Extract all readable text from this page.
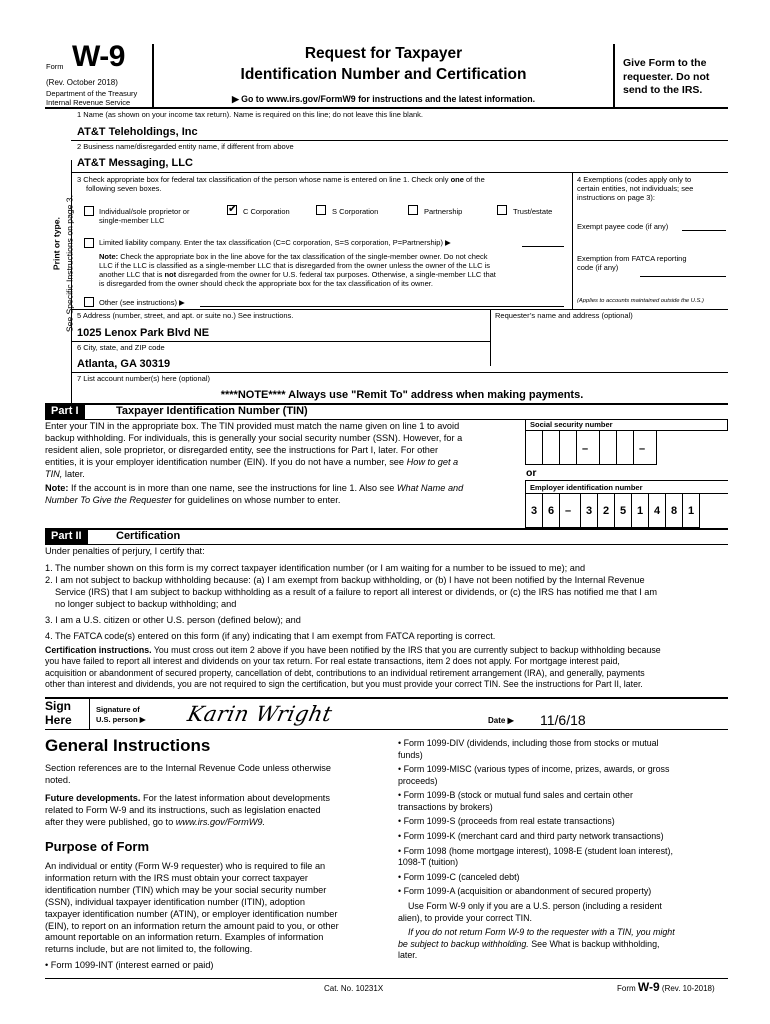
Form W-9
(Rev. October 2018)
Department of the Treasury
Internal Revenue Service
Request for Taxpayer
Identification Number and Certification
▶ Go to www.irs.gov/FormW9 for instructions and the latest information.
Give Form to the
requester. Do not
send to the IRS.
Print or type. See Specific Instructions on page 3.
1 Name (as shown on your income tax return). Name is required on this line; do not leave this line blank.
AT&T Teleholdings, Inc
2 Business name/disregarded entity name, if different from above
AT&T Messaging, LLC
3 Check appropriate box for federal tax classification of the person whose name is entered on line 1. Check only one of the
following seven boxes.
Individual/sole proprietor or
single-member LLC
✔ C Corporation	S Corporation	Partnership	Trust/estate
Limited liability company. Enter the tax classification (C=C corporation, S=S corporation, P=Partnership) ▶
Note: Check the appropriate box in the line above for the tax classification of the single-member owner. Do not check
LLC if the LLC is classified as a single-member LLC that is disregarded from the owner unless the owner of the LLC is
another LLC that is not disregarded from the owner for U.S. federal tax purposes. Otherwise, a single-member LLC that
is disregarded from the owner should check the appropriate box for the tax classification of its owner.
Other (see instructions) ▶
4 Exemptions (codes apply only to
certain entities, not individuals; see
instructions on page 3):
Exempt payee code (if any)
Exemption from FATCA reporting
code (if any)
(Applies to accounts maintained outside the U.S.)
5 Address (number, street, and apt. or suite no.) See instructions.	Requester’s name and address (optional)
1025 Lenox Park Blvd NE
6 City, state, and ZIP code
Atlanta, GA 30319
7 List account number(s) here (optional)
****NOTE**** Always use "Remit To" address when making payments.
Part I	Taxpayer Identification Number (TIN)
Enter your TIN in the appropriate box. The TIN provided must match the name given on line 1 to avoid
backup withholding. For individuals, this is generally your social security number (SSN). However, for a
resident alien, sole proprietor, or disregarded entity, see the instructions for Part I, later. For other
entities, it is your employer identification number (EIN). If you do not have a number, see How to get a
TIN, later.
Note: If the account is in more than one name, see the instructions for line 1. Also see What Name and
Number To Give the Requester for guidelines on whose number to enter.
Social security number
–	–
or
Employer identification number
3 6 –	3 2 5 1 4 8 1
Part II	Certification
Under penalties of perjury, I certify that:
1. The number shown on this form is my correct taxpayer identification number (or I am waiting for a number to be issued to me); and
2. I am not subject to backup withholding because: (a) I am exempt from backup withholding, or (b) I have not been notified by the Internal Revenue
Service (IRS) that I am subject to backup withholding as a result of a failure to report all interest or dividends, or (c) the IRS has notified me that I am
no longer subject to backup withholding; and
3. I am a U.S. citizen or other U.S. person (defined below); and
4. The FATCA code(s) entered on this form (if any) indicating that I am exempt from FATCA reporting is correct.
Certification instructions. You must cross out item 2 above if you have been notified by the IRS that you are currently subject to backup withholding because
you have failed to report all interest and dividends on your tax return. For real estate transactions, item 2 does not apply. For mortgage interest paid,
acquisition or abandonment of secured property, cancellation of debt, contributions to an individual retirement arrangement (IRA), and generally, payments
other than interest and dividends, you are not required to sign the certification, but you must provide your correct TIN. See the instructions for Part II, later.
Sign
Here
Signature of
U.S. person ▶ Karin Wright	Date ▶ 11/6/18
General Instructions
Section references are to the Internal Revenue Code unless otherwise
noted.
Future developments. For the latest information about developments
related to Form W-9 and its instructions, such as legislation enacted
after they were published, go to www.irs.gov/FormW9.
Purpose of Form
An individual or entity (Form W-9 requester) who is required to file an
information return with the IRS must obtain your correct taxpayer
identification number (TIN) which may be your social security number
(SSN), individual taxpayer identification number (ITIN), adoption
taxpayer identification number (ATIN), or employer identification number
(EIN), to report on an information return the amount paid to you, or other
amount reportable on an information return. Examples of information
returns include, but are not limited to, the following.
• Form 1099-INT (interest earned or paid)

• Form 1099-DIV (dividends, including those from stocks or mutual
funds)

• Form 1099-MISC (various types of income, prizes, awards, or gross
proceeds)

• Form 1099-B (stock or mutual fund sales and certain other
transactions by brokers)

• Form 1099-S (proceeds from real estate transactions)

• Form 1099-K (merchant card and third party network transactions)

• Form 1098 (home mortgage interest), 1098-E (student loan interest),
1098-T (tuition)

• Form 1099-C (canceled debt)

• Form 1099-A (acquisition or abandonment of secured property)

Use Form W-9 only if you are a U.S. person (including a resident
alien), to provide your correct TIN.

If you do not return Form W-9 to the requester with a TIN, you might
be subject to backup withholding. See What is backup withholding,
later.

Cat. No. 10231X	Form W-9 (Rev. 10-2018)
